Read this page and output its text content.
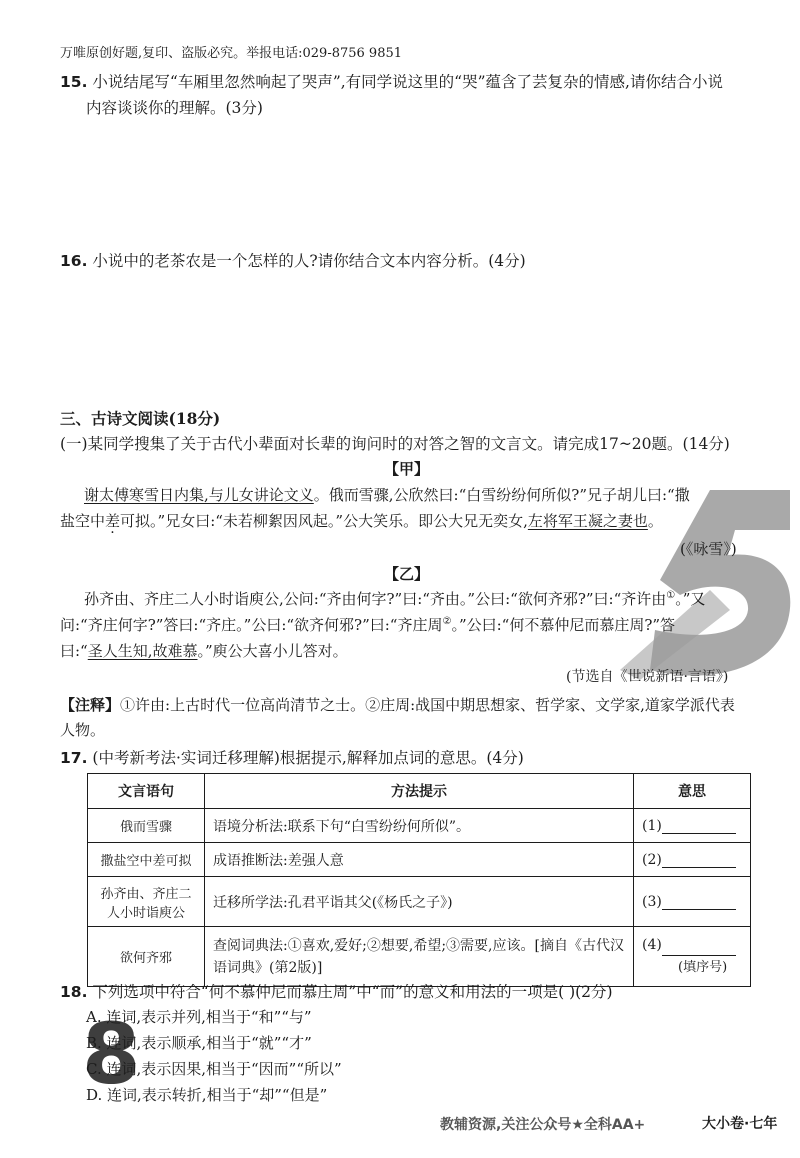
8
万唯原创好题,复印、盗版必究。举报电话:029-8756 9851
15. 小说结尾写“车厢里忽然响起了哭声”,有同学说这里的“哭”蕴含了芸复杂的情感,请你结合小说
内容谈谈你的理解。(3分)
16. 小说中的老茶农是一个怎样的人?请你结合文本内容分析。(4分)
三、古诗文阅读(18分)
(一)某同学搜集了关于古代小辈面对长辈的询问时的对答之智的文言文。请完成17~20题。(14分)
【甲】
谢太傅寒雪日内集,与儿女讲论文义。俄而雪骤,公欣然曰:“白雪纷纷何所似?”兄子胡儿曰:“撒
盐空中差可拟。”兄女曰:“未若柳絮因风起。”公大笑乐。即公大兄无奕女,左将军王凝之妻也。
(《咏雪》)
【乙】
孙齐由、齐庄二人小时诣庾公,公问:“齐由何字?”曰:“齐由。”公曰:“欲何齐邪?”曰:“齐许由①。”又
问:“齐庄何字?”答曰:“齐庄。”公曰:“欲齐何邪?”曰:“齐庄周②。”公曰:“何不慕仲尼而慕庄周?”答
曰:“圣人生知,故难慕。”庾公大喜小儿答对。
(节选自《世说新语·言语》)
【注释】①许由:上古时代一位高尚清节之士。②庄周:战国中期思想家、哲学家、文学家,道家学派代表
人物。
17. (中考新考法·实词迁移理解)根据提示,解释加点词的意思。(4分)
文言语句	方法提示	意思
俄而雪骤	语境分析法:联系下句“白雪纷纷何所似”。	(1)
撒盐空中差可拟	成语推断法:差强人意	(2)
孙齐由、齐庄二人小时诣庾公	迁移所学法:孔君平诣其父(《杨氏之子》)	(3)
欲何齐邪	查阅词典法:①喜欢,爱好;②想要,希望;③需要,应该。[摘自《古代汉语词典》(第2版)]	(4)
(填序号)
18. 下列选项中符合“何不慕仲尼而慕庄周”中“而”的意义和用法的一项是( )(2分)
A. 连词,表示并列,相当于“和”“与”
B. 连词,表示顺承,相当于“就”“才”
C. 连词,表示因果,相当于“因而”“所以”
D. 连词,表示转折,相当于“却”“但是”
教辅资源,关注公众号★全科AA+	大小卷·七年
